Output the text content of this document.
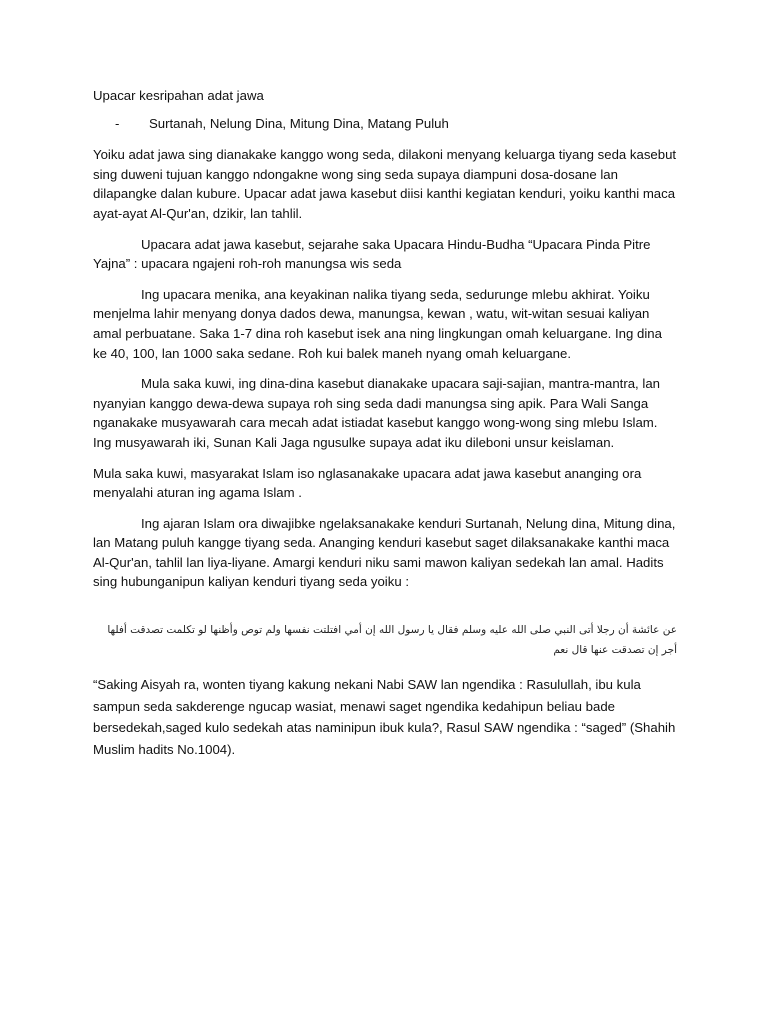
Upacar kesripahan adat jawa
-	Surtanah, Nelung Dina, Mitung Dina, Matang Puluh

Yoiku adat jawa sing dianakake kanggo wong seda, dilakoni menyang keluarga tiyang seda kasebut sing duweni tujuan kanggo ndongakne wong sing seda supaya diampuni dosa-dosane lan dilapangke dalan kuburе. Upacar adat jawa kasebut diisi kanthi kegiatan kenduri, yoiku kanthi maca ayat-ayat Al-Qur'an, dzikir, lan tahlil.

Upacara adat jawa kasebut, sejarahe saka Upacara Hindu-Budha “Upacara Pinda Pitre Yajna” : upacara ngajeni roh-roh manungsa wis seda

Ing upacara menika, ana keyakinan nalika tiyang seda, sedurunge mlebu akhirat. Yoiku menjelma lahir menyang donya dados dewa, manungsa, kewan , watu, wit-witan sesuai kaliyan amal perbuatane. Saka 1-7 dina roh kasebut isek ana ning lingkungan omah keluargane. Ing dina ke 40, 100, lan 1000 saka sedane. Roh kui balek maneh nyang omah keluargane.

Mula saka kuwi, ing dina-dina kasebut dianakake upacara saji-sajian, mantra-mantra, lan nyanyian kanggo dewa-dewa supaya roh sing seda dadi manungsa sing apik. Para Wali Sanga nganakake musyawarah cara mecah adat istiadat kasebut kanggo wong-wong sing mlebu Islam. Ing musyawarah iki, Sunan Kali Jaga ngusulke supaya adat iku dileboni unsur keislaman.

Mula saka kuwi, masyarakat Islam iso nglasanakake upacara adat jawa kasebut ananging ora menyalahi aturan ing agama Islam .

Ing ajaran Islam ora diwajibke ngelaksanakake kenduri Surtanah, Nelung dina, Mitung dina, lan Matang puluh kangge tiyang seda. Ananging kenduri kasebut saget dilaksanakake kanthi maca Al-Qur'an, tahlil lan liya-liyane. Amargi kenduri niku sami mawon kaliyan sedekah lan amal. Hadits sing hubunganipun kaliyan kenduri tiyang seda yoiku :

عن عائشة أن رجلا أتى النبي صلى الله عليه وسلم فقال يا رسول الله إن أمي افتلتت نفسها ولم توص وأظنها لو تكلمت تصدقت أفلها
أجر إن تصدقت عنها قال نعم

“Saking Aisyah ra, wonten tiyang kakung nekani Nabi SAW lan ngendika : Rasulullah, ibu kula sampun seda sakderenge ngucap wasiat, menawi saget ngendika kedahipun beliau bade bersedekah,saged kulo sedekah atas naminipun ibuk kula?, Rasul SAW ngendika : “saged” (Shahih Muslim hadits No.1004).
